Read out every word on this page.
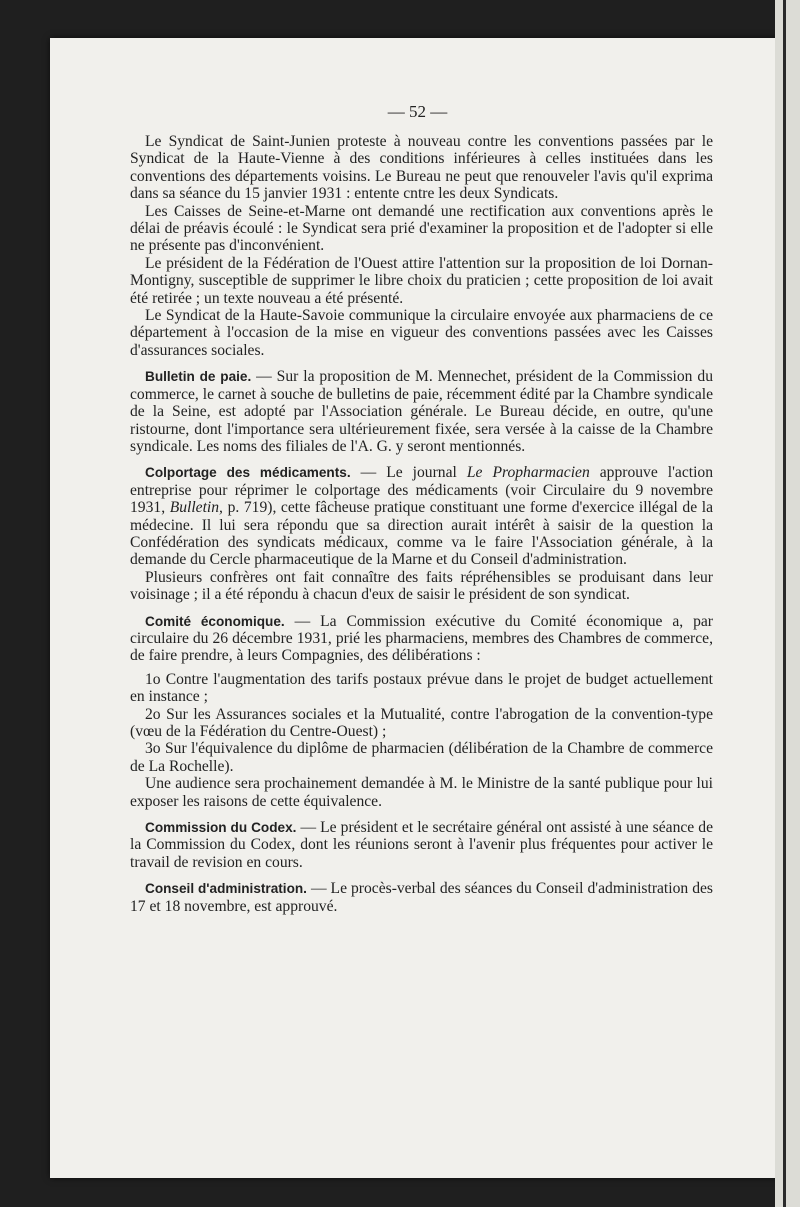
— 52 —

Le Syndicat de Saint-Junien proteste à nouveau contre les conventions passées par le Syndicat de la Haute-Vienne à des conditions inférieures à celles instituées dans les conventions des départements voisins. Le Bureau ne peut que renouveler l'avis qu'il exprima dans sa séance du 15 janvier 1931 : entente cntre les deux Syndicats.

Les Caisses de Seine-et-Marne ont demandé une rectification aux conventions après le délai de préavis écoulé : le Syndicat sera prié d'examiner la proposition et de l'adopter si elle ne présente pas d'inconvénient.

Le président de la Fédération de l'Ouest attire l'attention sur la proposition de loi Dornan-Montigny, susceptible de supprimer le libre choix du praticien ; cette proposition de loi avait été retirée ; un texte nouveau a été présenté.

Le Syndicat de la Haute-Savoie communique la circulaire envoyée aux pharmaciens de ce département à l'occasion de la mise en vigueur des conventions passées avec les Caisses d'assurances sociales.

Bulletin de paie. — Sur la proposition de M. Mennechet, président de la Commission du commerce, le carnet à souche de bulletins de paie, récemment édité par la Chambre syndicale de la Seine, est adopté par l'Association générale. Le Bureau décide, en outre, qu'une ristourne, dont l'importance sera ultérieurement fixée, sera versée à la caisse de la Chambre syndicale. Les noms des filiales de l'A. G. y seront mentionnés.

Colportage des médicaments. — Le journal Le Propharmacien approuve l'action entreprise pour réprimer le colportage des médicaments (voir Circulaire du 9 novembre 1931, Bulletin, p. 719), cette fâcheuse pratique constituant une forme d'exercice illégal de la médecine. Il lui sera répondu que sa direction aurait intérêt à saisir de la question la Confédération des syndicats médicaux, comme va le faire l'Association générale, à la demande du Cercle pharmaceutique de la Marne et du Conseil d'administration.

Plusieurs confrères ont fait connaître des faits répréhensibles se produisant dans leur voisinage ; il a été répondu à chacun d'eux de saisir le président de son syndicat.

Comité économique. — La Commission exécutive du Comité économique a, par circulaire du 26 décembre 1931, prié les pharmaciens, membres des Chambres de commerce, de faire prendre, à leurs Compagnies, des délibérations :

1o Contre l'augmentation des tarifs postaux prévue dans le projet de budget actuellement en instance ;

2o Sur les Assurances sociales et la Mutualité, contre l'abrogation de la convention-type (vœu de la Fédération du Centre-Ouest) ;

3o Sur l'équivalence du diplôme de pharmacien (délibération de la Chambre de commerce de La Rochelle).

Une audience sera prochainement demandée à M. le Ministre de la santé publique pour lui exposer les raisons de cette équivalence.

Commission du Codex. — Le président et le secrétaire général ont assisté à une séance de la Commission du Codex, dont les réunions seront à l'avenir plus fréquentes pour activer le travail de revision en cours.

Conseil d'administration. — Le procès-verbal des séances du Conseil d'administration des 17 et 18 novembre, est approuvé.
